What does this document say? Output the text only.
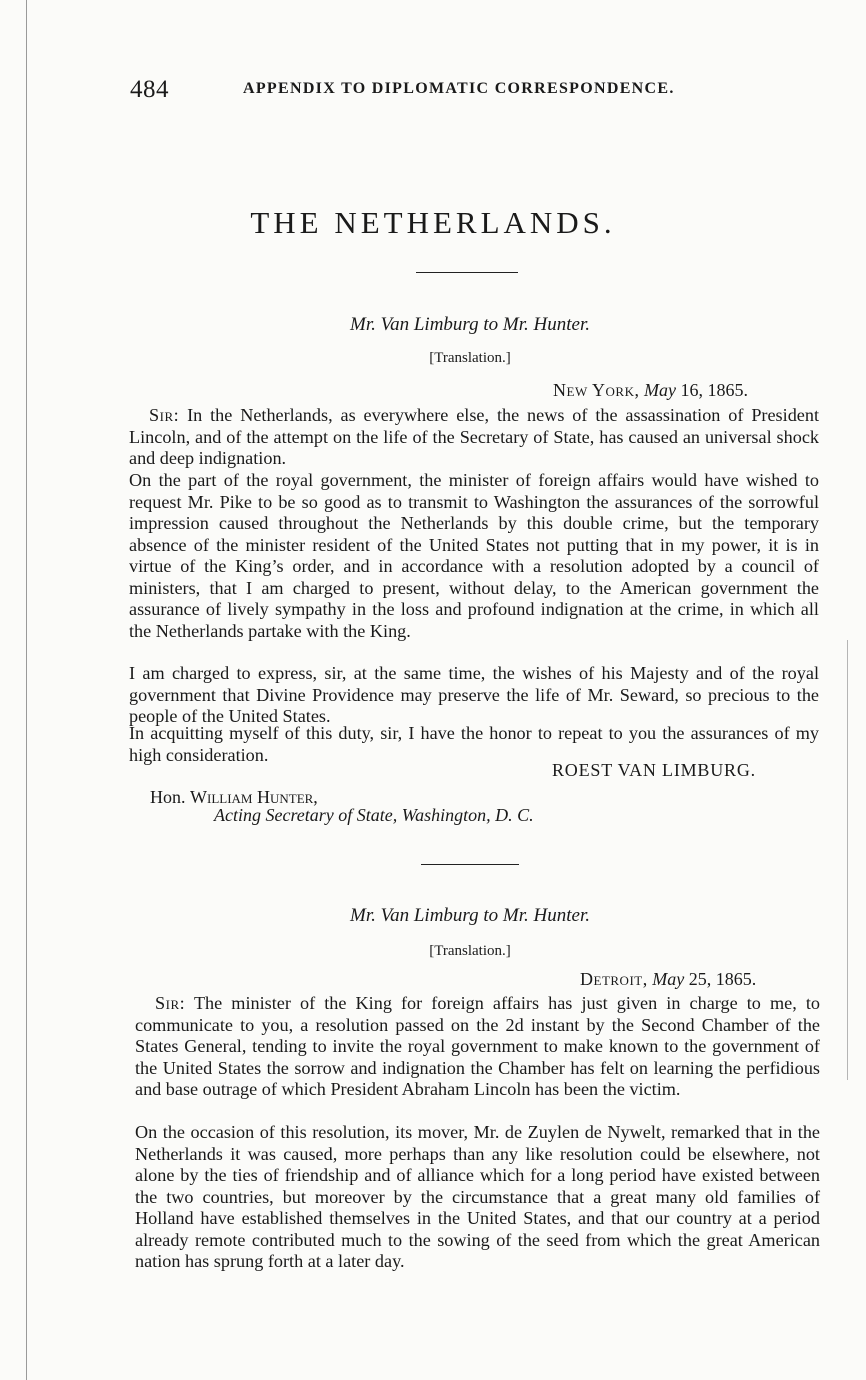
484	APPENDIX TO DIPLOMATIC CORRESPONDENCE.
THE NETHERLANDS.
Mr. Van Limburg to Mr. Hunter.
[Translation.]
New York, May 16, 1865.

Sir: In the Netherlands, as everywhere else, the news of the assassination of President Lincoln, and of the attempt on the life of the Secretary of State, has caused an universal shock and deep indignation.

On the part of the royal government, the minister of foreign affairs would have wished to request Mr. Pike to be so good as to transmit to Washington the assurances of the sorrowful impression caused throughout the Netherlands by this double crime, but the temporary absence of the minister resident of the United States not putting that in my power, it is in virtue of the King’s order, and in accordance with a resolution adopted by a council of ministers, that I am charged to present, without delay, to the American government the assurance of lively sympathy in the loss and profound indignation at the crime, in which all the Netherlands partake with the King.

I am charged to express, sir, at the same time, the wishes of his Majesty and of the royal government that Divine Providence may preserve the life of Mr. Seward, so precious to the people of the United States.

In acquitting myself of this duty, sir, I have the honor to repeat to you the assurances of my high consideration.

ROEST VAN LIMBURG.
Hon. William Hunter,
Acting Secretary of State, Washington, D. C.
Mr. Van Limburg to Mr. Hunter.
[Translation.]
Detroit, May 25, 1865.

Sir: The minister of the King for foreign affairs has just given in charge to me, to communicate to you, a resolution passed on the 2d instant by the Second Chamber of the States General, tending to invite the royal government to make known to the government of the United States the sorrow and indignation the Chamber has felt on learning the perfidious and base outrage of which President Abraham Lincoln has been the victim.

On the occasion of this resolution, its mover, Mr. de Zuylen de Nywelt, remarked that in the Netherlands it was caused, more perhaps than any like resolution could be elsewhere, not alone by the ties of friendship and of alliance which for a long period have existed between the two countries, but moreover by the circumstance that a great many old families of Holland have established themselves in the United States, and that our country at a period already remote contributed much to the sowing of the seed from which the great American nation has sprung forth at a later day.
